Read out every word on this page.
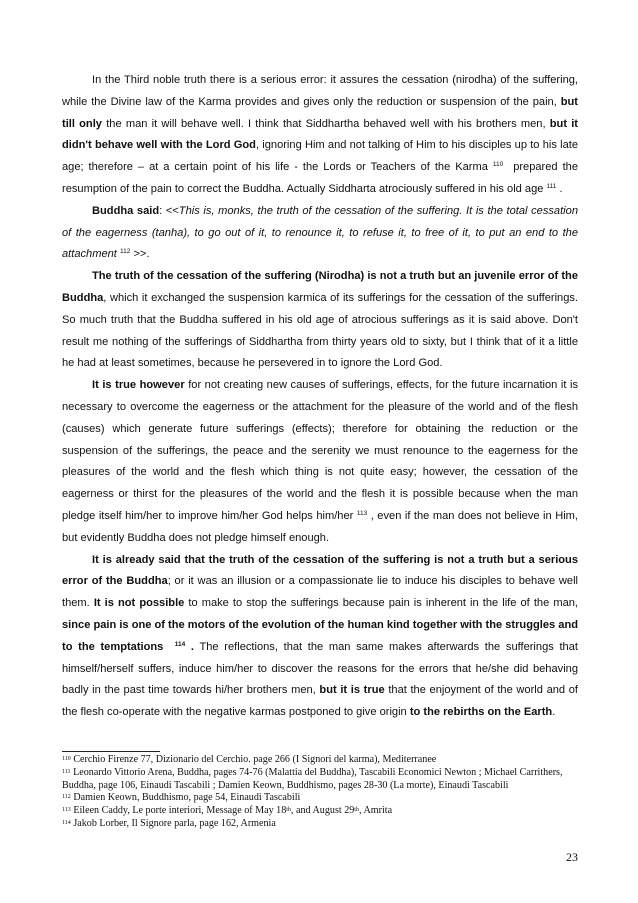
In the Third noble truth there is a serious error: it assures the cessation (nirodha) of the suffering, while the Divine law of the Karma provides and gives only the reduction or suspension of the pain, but till only the man it will behave well. I think that Siddhartha behaved well with his brothers men, but it didn't behave well with the Lord God, ignoring Him and not talking of Him to his disciples up to his late age; therefore – at a certain point of his life - the Lords or Teachers of the Karma $^{110}$ prepared the resumption of the pain to correct the Buddha. Actually Siddharta atrociously suffered in his old age $^{111}$ .

Buddha said: <<This is, monks, the truth of the cessation of the suffering. It is the total cessation of the eagerness (tanha), to go out of it, to renounce it, to refuse it, to free of it, to put an end to the attachment $^{112}$ >>.

The truth of the cessation of the suffering (Nirodha) is not a truth but an juvenile error of the Buddha, which it exchanged the suspension karmica of its sufferings for the cessation of the sufferings. So much truth that the Buddha suffered in his old age of atrocious sufferings as it is said above. Don't result me nothing of the sufferings of Siddhartha from thirty years old to sixty, but I think that of it a little he had at least sometimes, because he persevered in to ignore the Lord God.

It is true however for not creating new causes of sufferings, effects, for the future incarnation it is necessary to overcome the eagerness or the attachment for the pleasure of the world and of the flesh (causes) which generate future sufferings (effects); therefore for obtaining the reduction or the suspension of the sufferings, the peace and the serenity we must renounce to the eagerness for the pleasures of the world and the flesh which thing is not quite easy; however, the cessation of the eagerness or thirst for the pleasures of the world and the flesh it is possible because when the man pledge itself him/her to improve him/her God helps him/her $^{113}$ , even if the man does not believe in Him, but evidently Buddha does not pledge himself enough.

It is already said that the truth of the cessation of the suffering is not a truth but a serious error of the Buddha; or it was an illusion or a compassionate lie to induce his disciples to behave well them. It is not possible to make to stop the sufferings because pain is inherent in the life of the man, since pain is one of the motors of the evolution of the human kind together with the struggles and to the temptations $^{114}$ . The reflections, that the man same makes afterwards the sufferings that himself/herself suffers, induce him/her to discover the reasons for the errors that he/she did behaving badly in the past time towards hi/her brothers men, but it is true that the enjoyment of the world and of the flesh co-operate with the negative karmas postponed to give origin to the rebirths on the Earth.

$^{110}$ Cerchio Firenze 77, Dizionario del Cerchio. page 266 (I Signori del karma), Mediterranee
$^{111}$ Leonardo Vittorio Arena, Buddha, pages 74-76 (Malattia del Buddha), Tascabili Economici Newton ; Michael Carrithers, Buddha, page 106, Einaudi Tascabili ; Damien Keown, Buddhismo, pages 28-30 (La morte), Einaudi Tascabili
$^{112}$ Damien Keown, Buddhismo, page 54, Einaudi Tascabili
$^{113}$ Eileen Caddy, Le porte interiori, Message of May 18th, and August 29th, Amrita
$^{114}$ Jakob Lorber, Il Signore parla, page 162, Armenia
23
